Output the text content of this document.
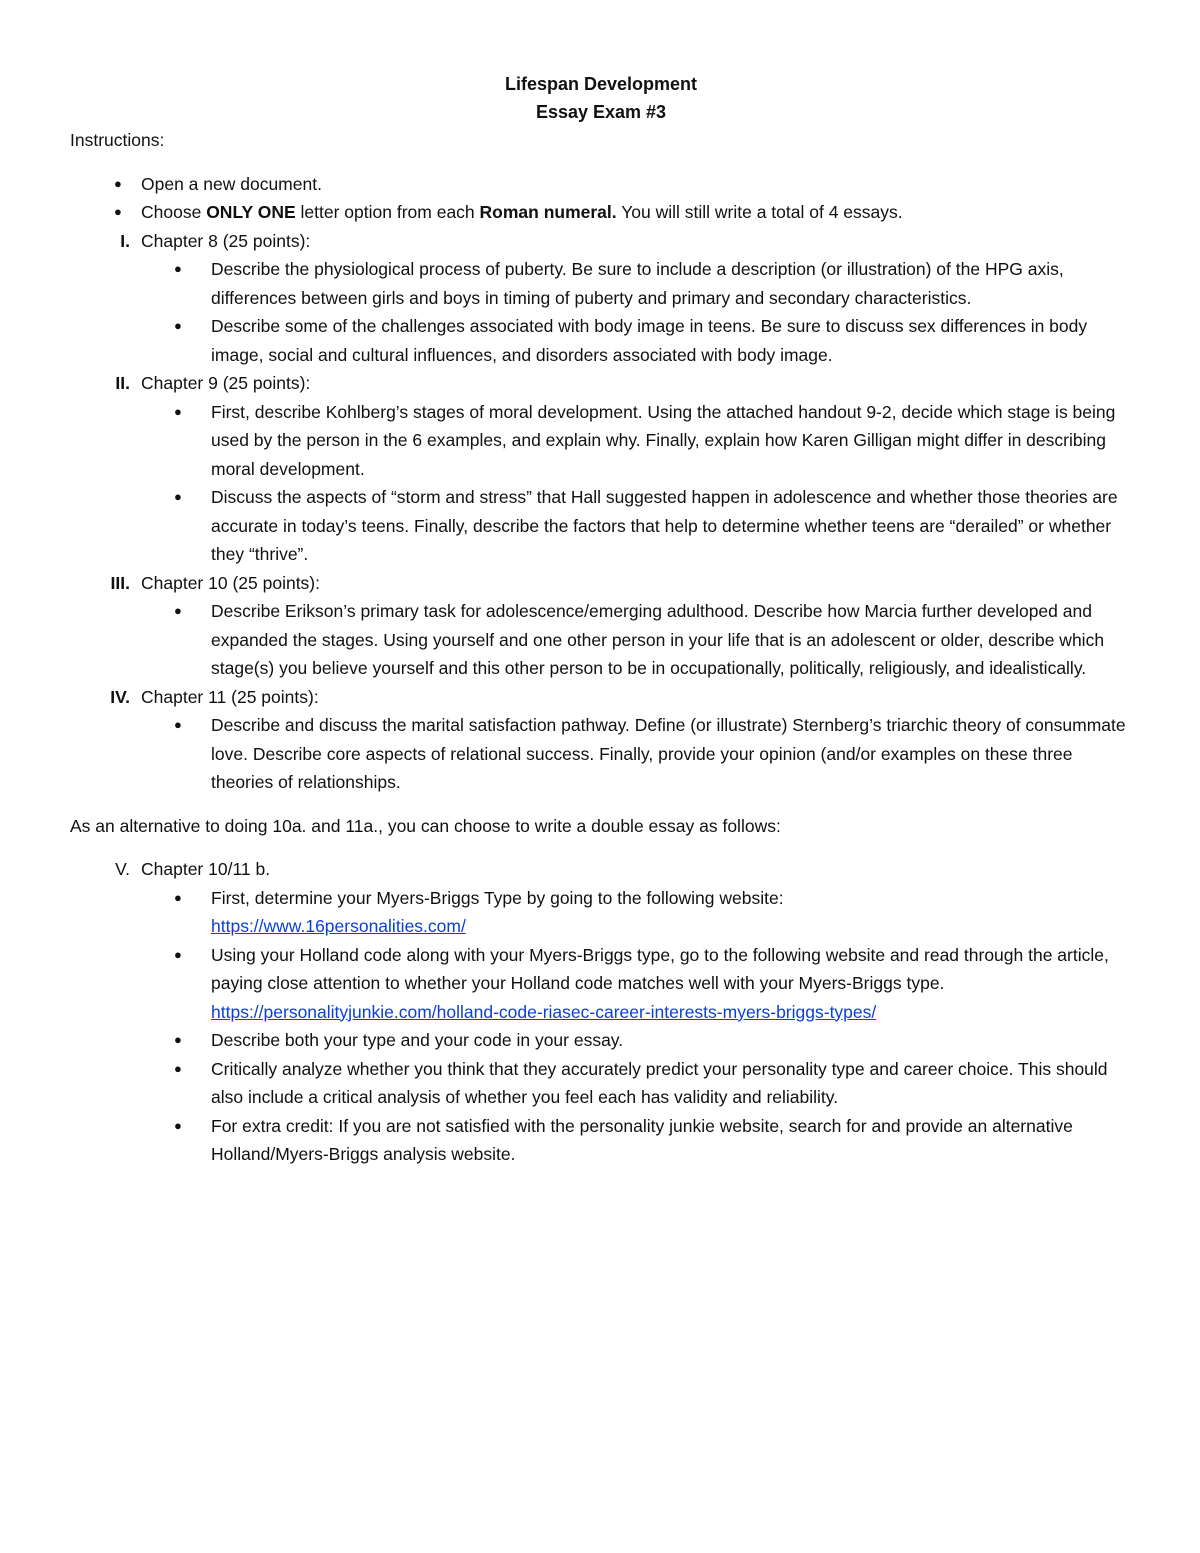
Lifespan Development

Essay Exam #3

Instructions:

●	Open a new document.
●	Choose ONLY ONE letter option from each Roman numeral. You will still write a total of 4 essays.
I. Chapter 8 (25 points):
● Describe the physiological process of puberty. Be sure to include a description (or illustration) of the HPG axis, differences between girls and boys in timing of puberty and primary and secondary characteristics.
● Describe some of the challenges associated with body image in teens. Be sure to discuss sex differences in body image, social and cultural influences, and disorders associated with body image.
II. Chapter 9 (25 points):
● First, describe Kohlberg’s stages of moral development. Using the attached handout 9-2, decide which stage is being used by the person in the 6 examples, and explain why. Finally, explain how Karen Gilligan might differ in describing moral development.
● Discuss the aspects of “storm and stress” that Hall suggested happen in adolescence and whether those theories are accurate in today’s teens. Finally, describe the factors that help to determine whether teens are “derailed” or whether they “thrive”.
III. Chapter 10 (25 points):
● Describe Erikson’s primary task for adolescence/emerging adulthood. Describe how Marcia further developed and expanded the stages. Using yourself and one other person in your life that is an adolescent or older, describe which stage(s) you believe yourself and this other person to be in occupationally, politically, religiously, and idealistically.
IV. Chapter 11 (25 points):
● Describe and discuss the marital satisfaction pathway. Define (or illustrate) Sternberg’s triarchic theory of consummate love. Describe core aspects of relational success. Finally, provide your opinion (and/or examples on these three theories of relationships.

As an alternative to doing 10a. and 11a., you can choose to write a double essay as follows:

V. Chapter 10/11 b.
● First, determine your Myers-Briggs Type by going to the following website:
https://www.16personalities.com/
● Using your Holland code along with your Myers-Briggs type, go to the following website and read through the article, paying close attention to whether your Holland code matches well with your Myers-Briggs type.  https://personalityjunkie.com/holland-code-riasec-career-interests-myers-briggs-types/
● Describe both your type and your code in your essay.
● Critically analyze whether you think that they accurately predict your personality type and career choice. This should also include a critical analysis of whether you feel each has validity and reliability.
● For extra credit: If you are not satisfied with the personality junkie website, search for and provide an alternative Holland/Myers-Briggs analysis website.
